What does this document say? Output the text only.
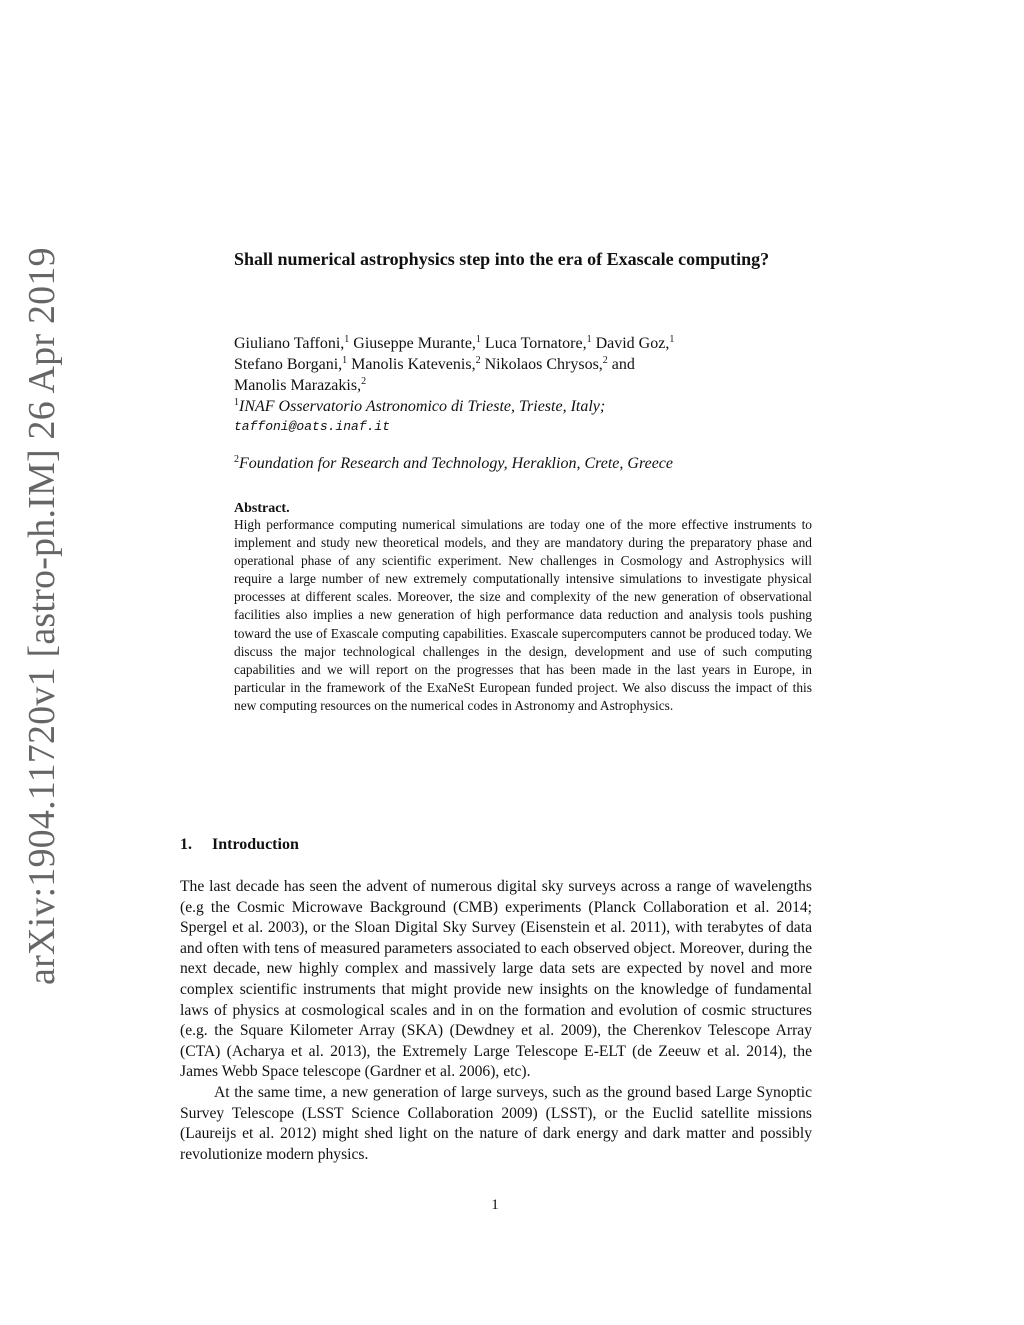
arXiv:1904.11720v1 [astro-ph.IM] 26 Apr 2019	Shall numerical astrophysics step into the era of Exascale computing?
Giuliano Taffoni,$^1$ Giuseppe Murante,$^1$ Luca Tornatore,$^1$ David Goz,$^1$
Stefano Borgani,$^1$ Manolis Katevenis,$^2$ Nikolaos Chrysos,$^2$ and
Manolis Marazakis,$^2$
$^1$INAF Osservatorio Astronomico di Trieste, Trieste, Italy;
taffoni@oats.inaf.it
$^2$Foundation for Research and Technology, Heraklion, Crete, Greece
Abstract.
High performance computing numerical simulations are today one of the more effective instruments to implement and study new theoretical models, and they are mandatory during the preparatory phase and operational phase of any scientific experiment. New challenges in Cosmology and Astrophysics will require a large number of new extremely computationally intensive simulations to investigate physical processes at different scales. Moreover, the size and complexity of the new generation of observational facilities also implies a new generation of high performance data reduction and analysis tools pushing toward the use of Exascale computing capabilities. Exascale supercomputers cannot be produced today. We discuss the major technological challenges in the design, development and use of such computing capabilities and we will report on the progresses that has been made in the last years in Europe, in particular in the framework of the ExaNeSt European funded project. We also discuss the impact of this new computing resources on the numerical codes in Astronomy and Astrophysics.
1. Introduction

The last decade has seen the advent of numerous digital sky surveys across a range of wavelengths (e.g the Cosmic Microwave Background (CMB) experiments (Planck Collaboration et al. 2014; Spergel et al. 2003), or the Sloan Digital Sky Survey (Eisenstein et al. 2011), with terabytes of data and often with tens of measured parameters associated to each observed object. Moreover, during the next decade, new highly complex and massively large data sets are expected by novel and more complex scientific instruments that might provide new insights on the knowledge of fundamental laws of physics at cosmological scales and in on the formation and evolution of cosmic structures (e.g. the Square Kilometer Array (SKA) (Dewdney et al. 2009), the Cherenkov Telescope Array (CTA) (Acharya et al. 2013), the Extremely Large Telescope E-ELT (de Zeeuw et al. 2014), the James Webb Space telescope (Gardner et al. 2006), etc).

At the same time, a new generation of large surveys, such as the ground based Large Synoptic Survey Telescope (LSST Science Collaboration 2009) (LSST), or the Euclid satellite missions (Laureijs et al. 2012) might shed light on the nature of dark energy and dark matter and possibly revolutionize modern physics.

1
